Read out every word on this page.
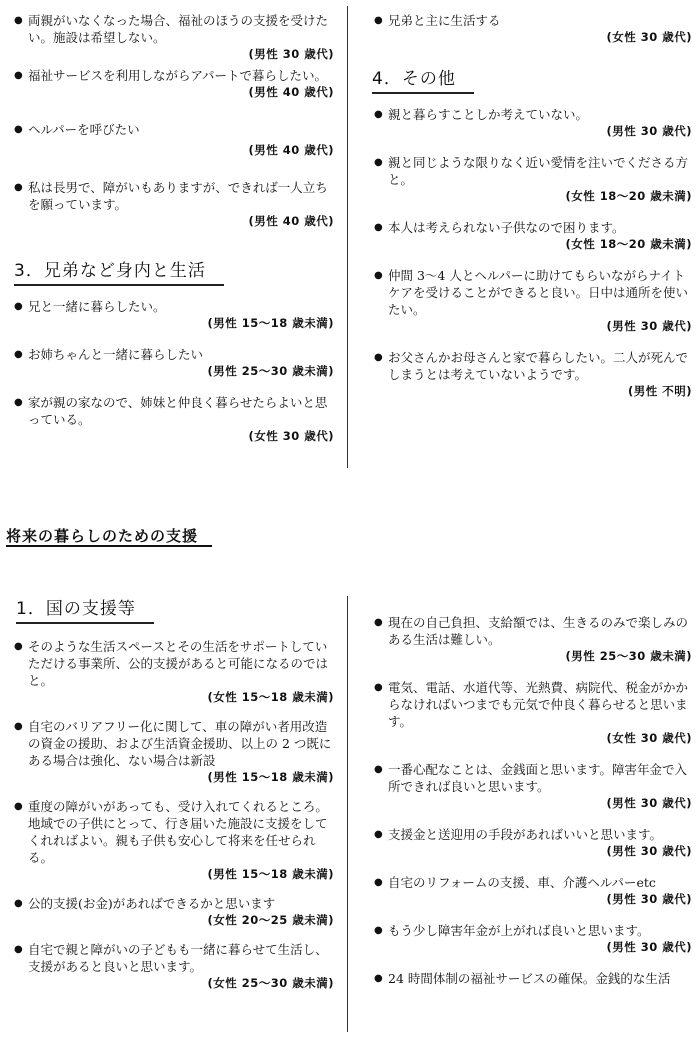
● 両親がいなくなった場合、福祉のほうの支援を受けたい。施設は希望しない。
(男性 30 歳代)
● 福祉サービスを利用しながらアパートで暮らしたい。
(男性 40 歳代)
● ヘルパーを呼びたい
(男性 40 歳代)
● 私は長男で、障がいもありますが、できれば一人立ちを願っています。
(男性 40 歳代)
3．兄弟など身内と生活
● 兄と一緒に暮らしたい。
(男性 15～18 歳未満)
● お姉ちゃんと一緒に暮らしたい
(男性 25～30 歳未満)
● 家が親の家なので、姉妹と仲良く暮らせたらよいと思っている。
(女性 30 歳代)
● 兄弟と主に生活する
(女性 30 歳代)
4．その他
● 親と暮らすことしか考えていない。
(男性 30 歳代)
● 親と同じような限りなく近い愛情を注いでくださる方と。
(女性 18～20 歳未満)
● 本人は考えられない子供なので困ります。
(女性 18～20 歳未満)
● 仲間 3～4 人とヘルパーに助けてもらいながらナイトケアを受けることができると良い。日中は通所を使いたい。
(男性 30 歳代)
● お父さんかお母さんと家で暮らしたい。二人が死んでしまうとは考えていないようです。
(男性 不明)
将来の暮らしのための支援
1．国の支援等
● そのような生活スペースとその生活をサポートしていただける事業所、公的支援があると可能になるのではと。
(女性 15～18 歳未満)
● 自宅のバリアフリー化に関して、車の障がい者用改造の資金の援助、および生活資金援助、以上の 2 つ既にある場合は強化、ない場合は新設
(男性 15～18 歳未満)
● 重度の障がいがあっても、受け入れてくれるところ。地域での子供にとって、行き届いた施設に支援をしてくれればよい。親も子供も安心して将来を任せられる。
(男性 15～18 歳未満)
● 公的支援(お金)があればできるかと思います
(女性 20～25 歳未満)
● 自宅で親と障がいの子どもも一緒に暮らせて生活し、支援があると良いと思います。
(女性 25～30 歳未満)
● 現在の自己負担、支給額では、生きるのみで楽しみのある生活は難しい。
(男性 25～30 歳未満)
● 電気、電話、水道代等、光熱費、病院代、税金がかからなければいつまでも元気で仲良く暮らせると思います。
(女性 30 歳代)
● 一番心配なことは、金銭面と思います。障害年金で入所できれば良いと思います。
(男性 30 歳代)
● 支援金と送迎用の手段があればいいと思います。
(男性 30 歳代)
● 自宅のリフォームの支援、車、介護ヘルパーetc
(男性 30 歳代)
● もう少し障害年金が上がれば良いと思います。
(男性 30 歳代)
● 24 時間体制の福祉サービスの確保。金銭的な生活
